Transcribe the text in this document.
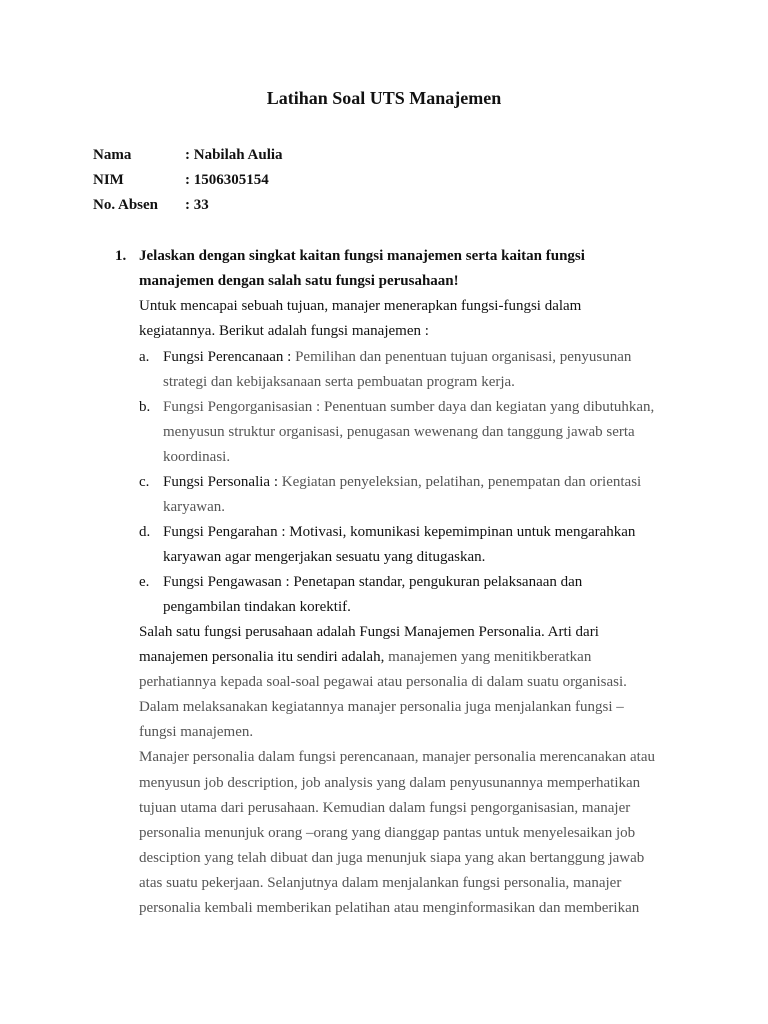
Latihan Soal UTS Manajemen
Nama	: Nabilah Aulia
NIM	: 1506305154
No. Absen : 33
1. Jelaskan dengan singkat kaitan fungsi manajemen serta kaitan fungsi
manajemen dengan salah satu fungsi perusahaan!
Untuk mencapai sebuah tujuan, manajer menerapkan fungsi-fungsi dalam
kegiatannya. Berikut adalah fungsi manajemen :
a. Fungsi Perencanaan : Pemilihan dan penentuan tujuan organisasi, penyusunan
strategi dan kebijaksanaan serta pembuatan program kerja.
b. Fungsi Pengorganisasian : Penentuan sumber daya dan kegiatan yang dibutuhkan,
menyusun struktur organisasi, penugasan wewenang dan tanggung jawab serta
koordinasi.
c. Fungsi Personalia : Kegiatan penyeleksian, pelatihan, penempatan dan orientasi
karyawan.
d. Fungsi Pengarahan : Motivasi, komunikasi kepemimpinan untuk mengarahkan
karyawan agar mengerjakan sesuatu yang ditugaskan.
e. Fungsi Pengawasan : Penetapan standar, pengukuran pelaksanaan dan
pengambilan tindakan korektif.
Salah satu fungsi perusahaan adalah Fungsi Manajemen Personalia. Arti dari
manajemen personalia itu sendiri adalah, manajemen yang menitikberatkan
perhatiannya kepada soal-soal pegawai atau personalia di dalam suatu organisasi.
Dalam melaksanakan kegiatannya manajer personalia juga menjalankan fungsi –
fungsi manajemen.
Manajer personalia dalam fungsi perencanaan, manajer personalia merencanakan atau
menyusun job description, job analysis yang dalam penyusunannya memperhatikan
tujuan utama dari perusahaan. Kemudian dalam fungsi pengorganisasian, manajer
personalia menunjuk orang –orang yang dianggap pantas untuk menyelesaikan job
desciption yang telah dibuat dan juga menunjuk siapa yang akan bertanggung jawab
atas suatu pekerjaan. Selanjutnya dalam menjalankan fungsi personalia, manajer
personalia kembali memberikan pelatihan atau menginformasikan dan memberikan
